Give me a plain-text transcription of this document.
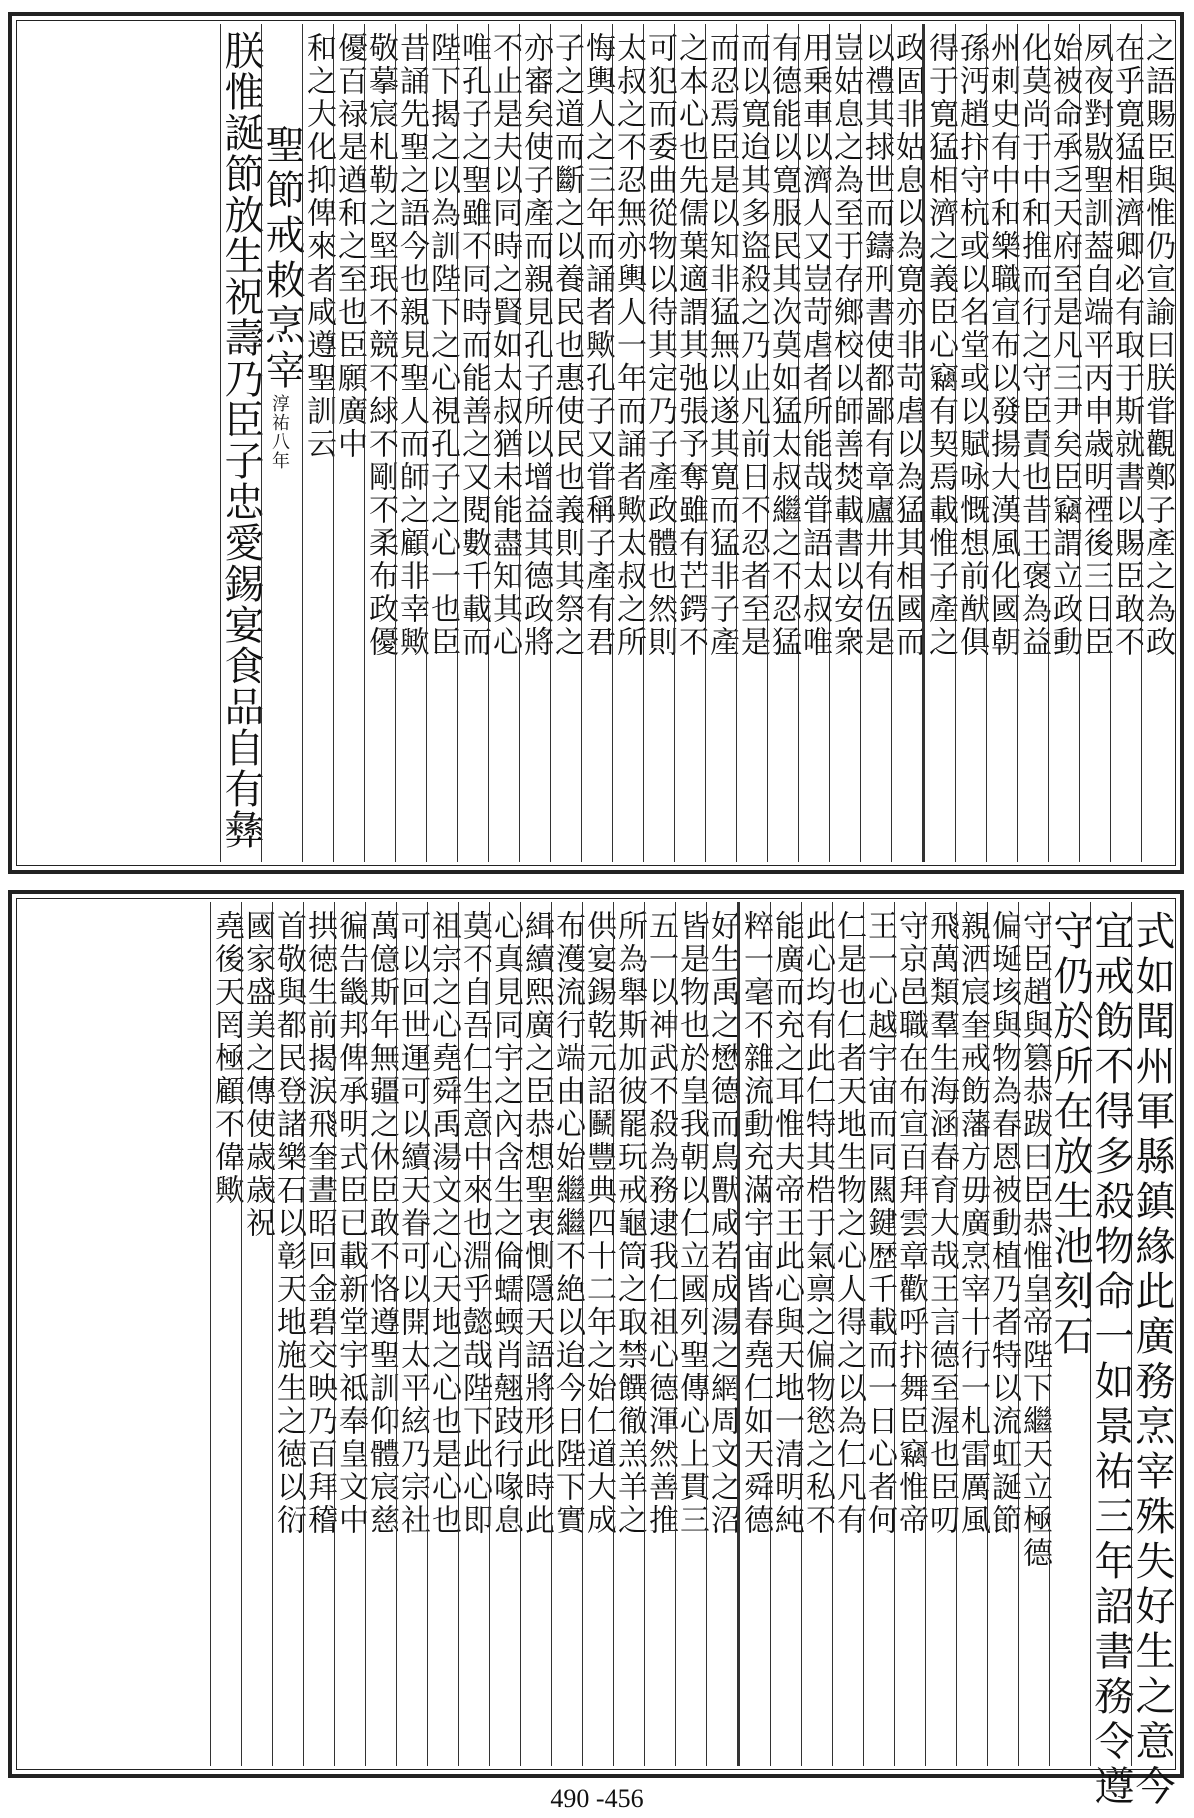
之語賜臣與惟仍宣諭曰朕甞觀鄭子產之為政
在乎寛猛相濟卿必有取于斯就書以賜臣敢不
夙夜對敭聖訓葢自端平丙申歳明禋後三日臣
始被命承乏天府至是凡三尹矣臣竊謂立政動
化莫尚于中和推而行之守臣責也昔王褒為益
州刺史有中和樂職宣布以發揚大漢風化國朝
孫沔趙抃守杭或以名堂或以賦咏慨想前猷俱
得于寛猛相濟之義臣心竊有契焉載惟子產之
欽定四庫全書
咸淳臨安志 卷四十一
十四
政固非姑息以為寛亦非苛虐以為猛其相國而
以禮其捄世而鑄刑書使都鄙有章廬井有伍是
豈姑息之為至于存鄉校以師善焚載書以安衆
用乗車以濟人又豈苛虐者所能哉甞語太叔唯
有德能以寛服民其次莫如猛太叔繼之不忍猛
而以寛迨其多盜殺之乃止凡前日不忍者至是
而忍焉臣是以知非猛無以遂其寛而猛非子產
之本心也先儒葉適謂其弛張予奪雖有芒鍔不
可犯而委曲從物以待其定乃子產政體也然則
太叔之不忍無亦輿人一年而誦者歟太叔之所
悔輿人之三年而誦者歟孔子又甞稱子產有君
子之道而斷之以養民也惠使民也義則其祭之
亦審矣使子產而親見孔子所以增益其德政將
不止是夫以同時之賢如太叔猶未能盡知其心
唯孔子之聖雖不同時而能善之又閱數千載而
陛下揭之以為訓陛下之心視孔子之心一也臣
昔誦先聖之語今也親見聖人而師之顧非幸歟
敬摹宸札勒之堅珉不競不絿不剛不柔布政優
優百禄是遒和之至也臣願廣中
和之大化抑俾來者咸遵聖訓云
聖節戒敕烹宰
淳祐八年
朕惟誕節放生祝壽乃臣子忠愛錫宴食品自有彝
式如聞州軍縣鎮緣此廣務烹宰殊失好生之意今
宜戒飭不得多殺物命一如景祐三年詔書務令遵
守仍於所在放生池刻石
守臣趙與篡恭跋曰臣恭惟皇帝陛下繼天立極德
偏埏垓與物為春恩被動植乃者特以流虹誕節
親洒宸奎戒飭藩方毋廣烹宰十行一札雷厲風
飛萬類羣生海涵春育大哉王言德至渥也臣叨
守京邑職在布宣百拜雲章歡呼抃舞臣竊惟帝
王一心越宇宙而同闗鍵歴千載而一日心者何
仁是也仁者天地生物之心人得之以為仁凡有
此心均有此仁特其梏于氣禀之偏物慾之私不
能廣而充之耳惟夫帝王此心與天地一清明純
粹一毫不雜流動充滿宇宙皆春堯仁如天舜德
欽定四庫全書
咸淳臨安志 卷四十一
十五
好生禹之懋德而鳥獸咸若成湯之網周文之沼
皆是物也於皇我朝以仁立國列聖傳心上貫三
五一以神武不殺為務逮我仁祖心德渾然善推
所為舉斯加彼罷玩戒龜筒之取禁饌徹羔羊之
供宴錫乾元詔鬭豐典四十二年之始仁道大成
布濩流行端由心始繼繼不絶以迨今日陛下實
緝續熙廣之臣恭想聖衷惻隱天語將形此時此
心真見同宇之內含生之倫蠕蝡肖翹跂行喙息
莫不自吾仁生意中來也淵乎懿哉陛下此心即
祖宗之心堯舜禹湯文之心天地之心也是心也
可以回世運可以續天眷可以開太平絃乃宗社
萬億斯年無疆之休臣敢不恪遵聖訓仰體宸慈
徧告畿邦俾承明式臣已載新堂宇祗奉皇文中
拱徳生前揭涙飛奎晝昭回金碧交映乃百拜稽
首敬與都民登諸樂石以彰天地施生之徳以衍
國家盛美之傳使歳歳祝
堯後天罔極顧不偉歟
490 -456
